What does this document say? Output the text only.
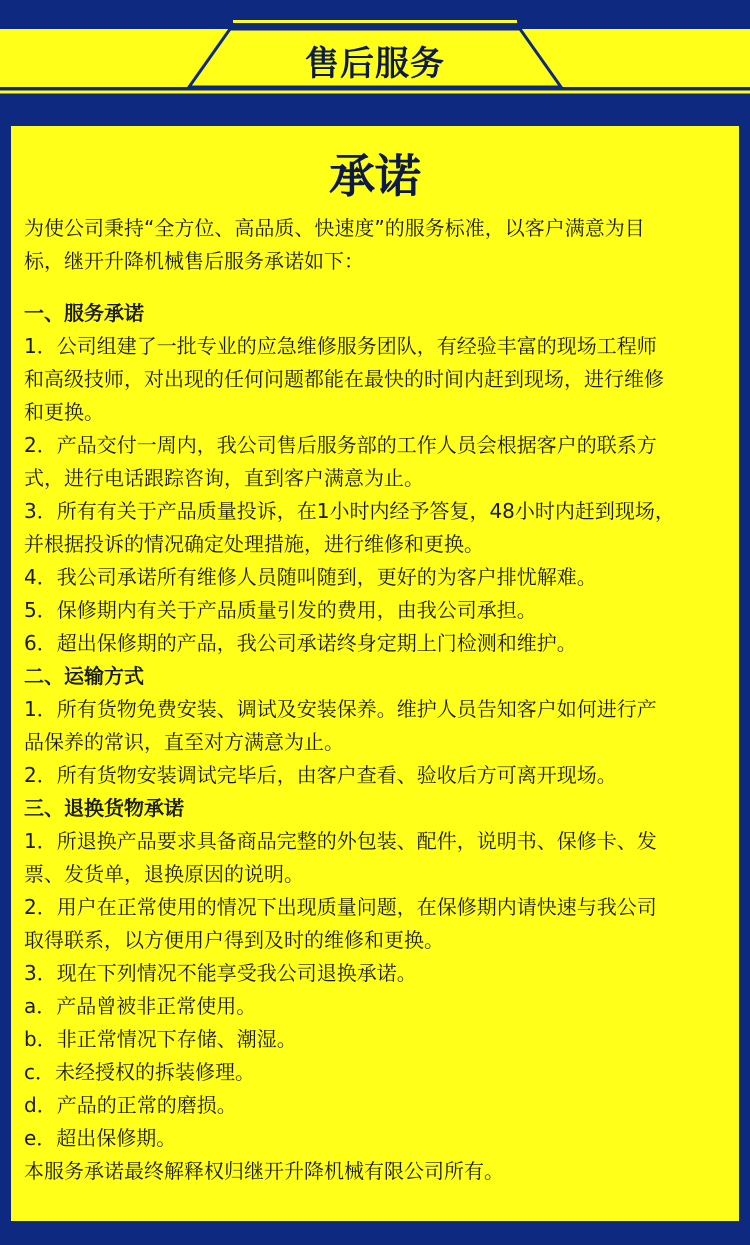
售后服务
承诺
为使公司秉持“全方位、高品质、快速度”的服务标准，以客户满意为目
标，继开升降机械售后服务承诺如下：
一、服务承诺
1．公司组建了一批专业的应急维修服务团队，有经验丰富的现场工程师
和高级技师，对出现的任何问题都能在最快的时间内赶到现场，进行维修
和更换。
2．产品交付一周内，我公司售后服务部的工作人员会根据客户的联系方
式，进行电话跟踪咨询，直到客户满意为止。
3．所有有关于产品质量投诉，在1小时内经予答复，48小时内赶到现场，
并根据投诉的情况确定处理措施，进行维修和更换。
4．我公司承诺所有维修人员随叫随到，更好的为客户排忧解难。
5．保修期内有关于产品质量引发的费用，由我公司承担。
6．超出保修期的产品，我公司承诺终身定期上门检测和维护。
二、运输方式
1．所有货物免费安装、调试及安装保养。维护人员告知客户如何进行产
品保养的常识，直至对方满意为止。
2．所有货物安装调试完毕后，由客户查看、验收后方可离开现场。
三、退换货物承诺
1．所退换产品要求具备商品完整的外包装、配件，说明书、保修卡、发
票、发货单，退换原因的说明。
2．用户在正常使用的情况下出现质量问题，在保修期内请快速与我公司
取得联系，以方便用户得到及时的维修和更换。
3．现在下列情况不能享受我公司退换承诺。
a．产品曾被非正常使用。
b．非正常情况下存储、潮湿。
c．未经授权的拆装修理。
d．产品的正常的磨损。
e．超出保修期。
本服务承诺最终解释权归继开升降机械有限公司所有。
